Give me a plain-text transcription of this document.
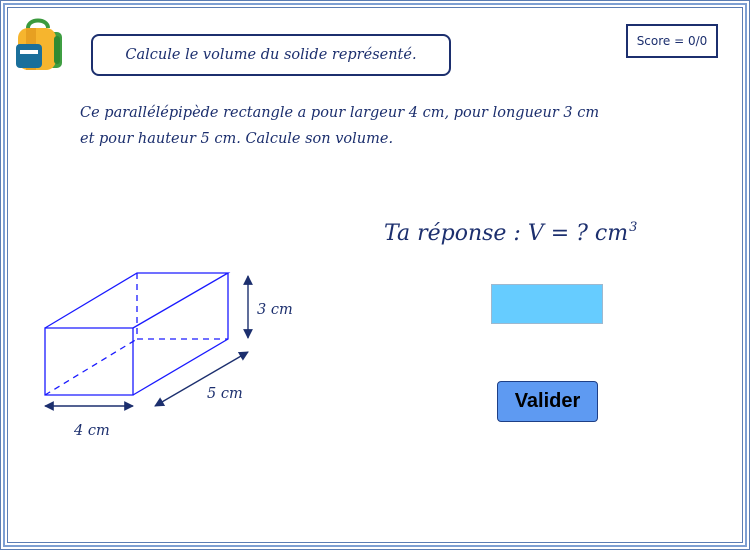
Calcule le volume du solide représenté.
Score = 0/0

Ce parallélépipède rectangle a pour largeur 4 cm, pour longueur 3 cm

et pour hauteur 5 cm. Calcule son volume.

3 cm
5 cm
4 cm
Ta réponse : V = ? $cm^3$
Valider
